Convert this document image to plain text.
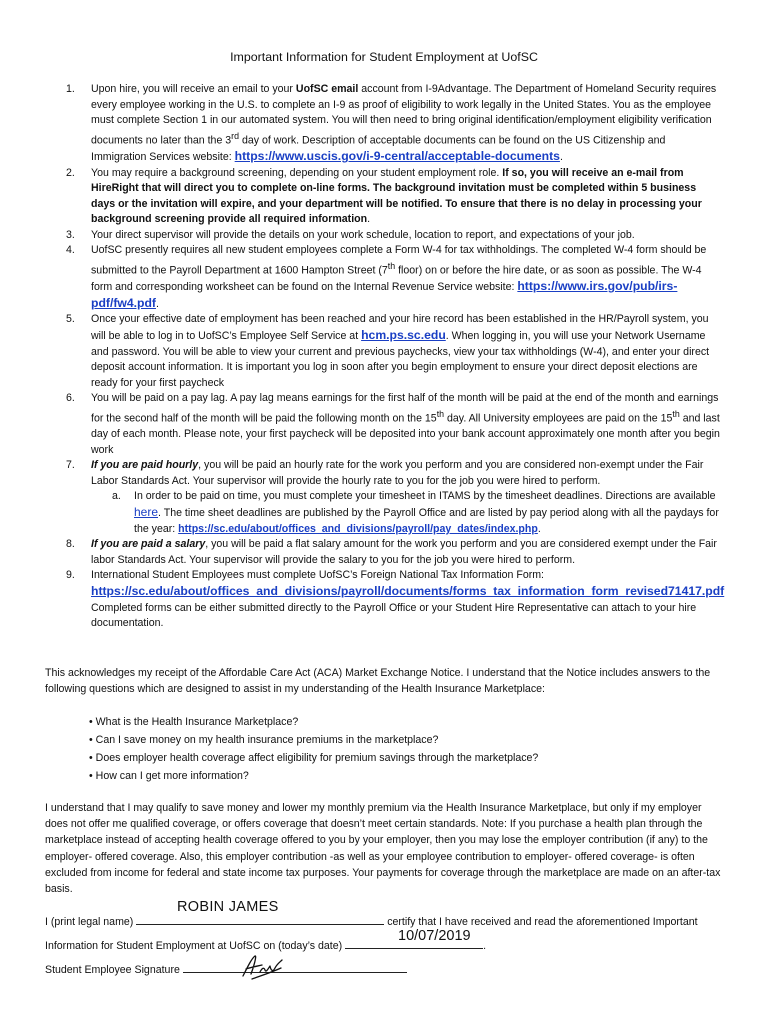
Important Information for Student Employment at UofSC
1. Upon hire, you will receive an email to your UofSC email account from I-9Advantage. The Department of Homeland Security requires every employee working in the U.S. to complete an I-9 as proof of eligibility to work legally in the United States. You as the employee must complete Section 1 in our automated system. You will then need to bring original identification/employment eligibility verification documents no later than the 3rd day of work. Description of acceptable documents can be found on the US Citizenship and Immigration Services website: https://www.uscis.gov/i-9-central/acceptable-documents.
2. You may require a background screening, depending on your student employment role. If so, you will receive an e-mail from HireRight that will direct you to complete on-line forms. The background invitation must be completed within 5 business days or the invitation will expire, and your department will be notified. To ensure that there is no delay in processing your background screening provide all required information.
3. Your direct supervisor will provide the details on your work schedule, location to report, and expectations of your job.
4. UofSC presently requires all new student employees complete a Form W-4 for tax withholdings. The completed W-4 form should be submitted to the Payroll Department at 1600 Hampton Street (7th floor) on or before the hire date, or as soon as possible. The W-4 form and corresponding worksheet can be found on the Internal Revenue Service website: https://www.irs.gov/pub/irs-pdf/fw4.pdf.
5. Once your effective date of employment has been reached and your hire record has been established in the HR/Payroll system, you will be able to log in to UofSC’s Employee Self Service at hcm.ps.sc.edu. When logging in, you will use your Network Username and password. You will be able to view your current and previous paychecks, view your tax withholdings (W-4), and enter your direct deposit account information. It is important you log in soon after you begin employment to ensure your direct deposit elections are ready for your first paycheck
6. You will be paid on a pay lag. A pay lag means earnings for the first half of the month will be paid at the end of the month and earnings for the second half of the month will be paid the following month on the 15th day. All University employees are paid on the 15th and last day of each month. Please note, your first paycheck will be deposited into your bank account approximately one month after you begin work
7. If you are paid hourly, you will be paid an hourly rate for the work you perform and you are considered non-exempt under the Fair Labor Standards Act. Your supervisor will provide the hourly rate to you for the job you were hired to perform.
a. In order to be paid on time, you must complete your timesheet in ITAMS by the timesheet deadlines. Directions are available here. The time sheet deadlines are published by the Payroll Office and are listed by pay period along with all the paydays for the year: https://sc.edu/about/offices_and_divisions/payroll/pay_dates/index.php.
8. If you are paid a salary, you will be paid a flat salary amount for the work you perform and you are considered exempt under the Fair labor Standards Act. Your supervisor will provide the salary to you for the job you were hired to perform.
9. International Student Employees must complete UofSC’s Foreign National Tax Information Form: https://sc.edu/about/offices_and_divisions/payroll/documents/forms_tax_information_form_revised71417.pdf
Completed forms can be either submitted directly to the Payroll Office or your Student Hire Representative can attach to your hire documentation.

This acknowledges my receipt of the Affordable Care Act (ACA) Market Exchange Notice. I understand that the Notice includes answers to the following questions which are designed to assist in my understanding of the Health Insurance Marketplace:

• What is the Health Insurance Marketplace?
• Can I save money on my health insurance premiums in the marketplace?
• Does employer health coverage affect eligibility for premium savings through the marketplace?
• How can I get more information?

I understand that I may qualify to save money and lower my monthly premium via the Health Insurance Marketplace, but only if my employer does not offer me qualified coverage, or offers coverage that doesn’t meet certain standards. Note: If you purchase a health plan through the marketplace instead of accepting health coverage offered to you by your employer, then you may lose the employer contribution (if any) to the employer- offered coverage. Also, this employer contribution -as well as your employee contribution to employer- offered coverage- is often excluded from income for federal and state income tax purposes. Your payments for coverage through the marketplace are made on an after-tax basis.

I (print legal name)	certify that I have received and read the aforementioned Important
ROBIN JAMES
Information for Student Employment at UofSC on (today’s date)	.
10/07/2019
Student Employee Signature
